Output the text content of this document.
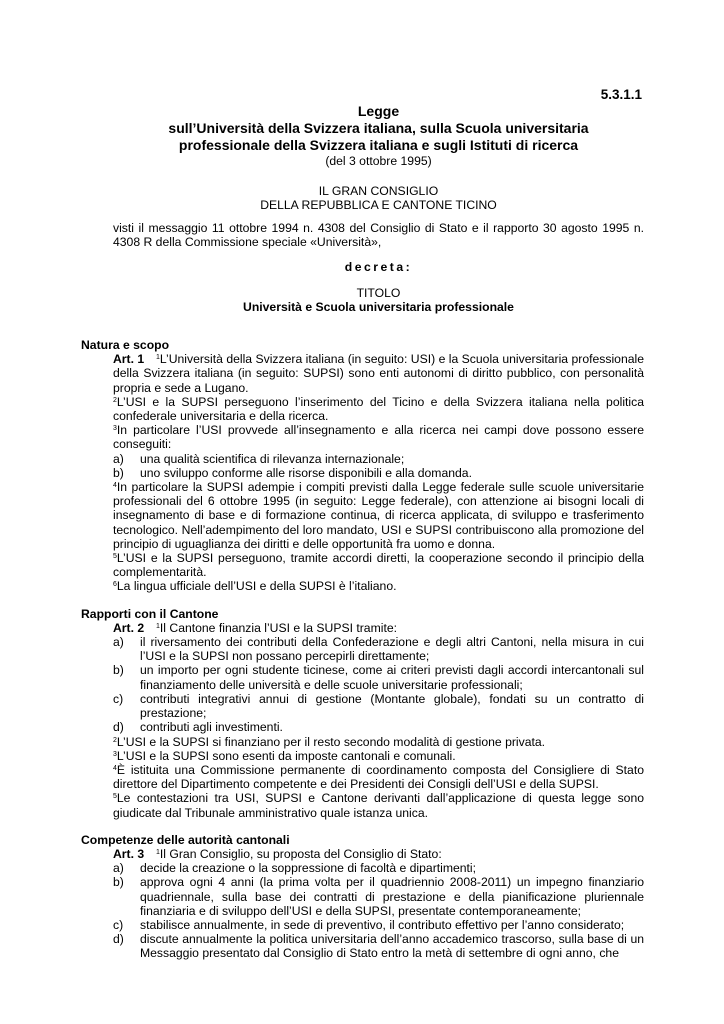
5.3.1.1
Legge
sull’Università della Svizzera italiana, sulla Scuola universitaria
professionale della Svizzera italiana e sugli Istituti di ricerca
(del 3 ottobre 1995)
IL GRAN CONSIGLIO
DELLA REPUBBLICA E CANTONE TICINO

visti il messaggio 11 ottobre 1994 n. 4308 del Consiglio di Stato e il rapporto 30 agosto 1995 n. 4308 R della Commissione speciale «Università»,

decreta:
TITOLO
Università e Scuola universitaria professionale
Natura e scopo

Art. 1 $^1$L’Università della Svizzera italiana (in seguito: USI) e la Scuola universitaria professionale della Svizzera italiana (in seguito: SUPSI) sono enti autonomi di diritto pubblico, con personalità propria e sede a Lugano.

$^2$L’USI e la SUPSI perseguono l’inserimento del Ticino e della Svizzera italiana nella politica confederale universitaria e della ricerca.

$^3$In particolare l’USI provvede all’insegnamento e alla ricerca nei campi dove possono essere conseguiti:

a)	una qualità scientifica di rilevanza internazionale;
b)	uno sviluppo conforme alle risorse disponibili e alla domanda.

$^4$In particolare la SUPSI adempie i compiti previsti dalla Legge federale sulle scuole universitarie professionali del 6 ottobre 1995 (in seguito: Legge federale), con attenzione ai bisogni locali di insegnamento di base e di formazione continua, di ricerca applicata, di sviluppo e trasferimento tecnologico. Nell’adempimento del loro mandato, USI e SUPSI contribuiscono alla promozione del principio di uguaglianza dei diritti e delle opportunità fra uomo e donna.

$^5$L’USI e la SUPSI perseguono, tramite accordi diretti, la cooperazione secondo il principio della complementarità.

$^6$La lingua ufficiale dell’USI e della SUPSI è l’italiano.

Rapporti con il Cantone

Art. 2 $^1$Il Cantone finanzia l’USI e la SUPSI tramite:

a)	il riversamento dei contributi della Confederazione e degli altri Cantoni, nella misura in cui l’USI e la SUPSI non possano percepirli direttamente;
b)	un importo per ogni studente ticinese, come ai criteri previsti dagli accordi intercantonali sul finanziamento delle università e delle scuole universitarie professionali;
c)	contributi integrativi annui di gestione (Montante globale), fondati su un contratto di prestazione;
d)	contributi agli investimenti.

$^2$L’USI e la SUPSI si finanziano per il resto secondo modalità di gestione privata.

$^3$L’USI e la SUPSI sono esenti da imposte cantonali e comunali.

$^4$È istituita una Commissione permanente di coordinamento composta del Consigliere di Stato direttore del Dipartimento competente e dei Presidenti dei Consigli dell’USI e della SUPSI.

$^5$Le contestazioni tra USI, SUPSI e Cantone derivanti dall’applicazione di questa legge sono giudicate dal Tribunale amministrativo quale istanza unica.

Competenze delle autorità cantonali

Art. 3 $^1$Il Gran Consiglio, su proposta del Consiglio di Stato:

a)	decide la creazione o la soppressione di facoltà e dipartimenti;
b)	approva ogni 4 anni (la prima volta per il quadriennio 2008-2011) un impegno finanziario quadriennale, sulla base dei contratti di prestazione e della pianificazione pluriennale finanziaria e di sviluppo dell’USI e della SUPSI, presentate contemporaneamente;
c)	stabilisce annualmente, in sede di preventivo, il contributo effettivo per l’anno considerato;
d)	discute annualmente la politica universitaria dell’anno accademico trascorso, sulla base di un Messaggio presentato dal Consiglio di Stato entro la metà di settembre di ogni anno, che
